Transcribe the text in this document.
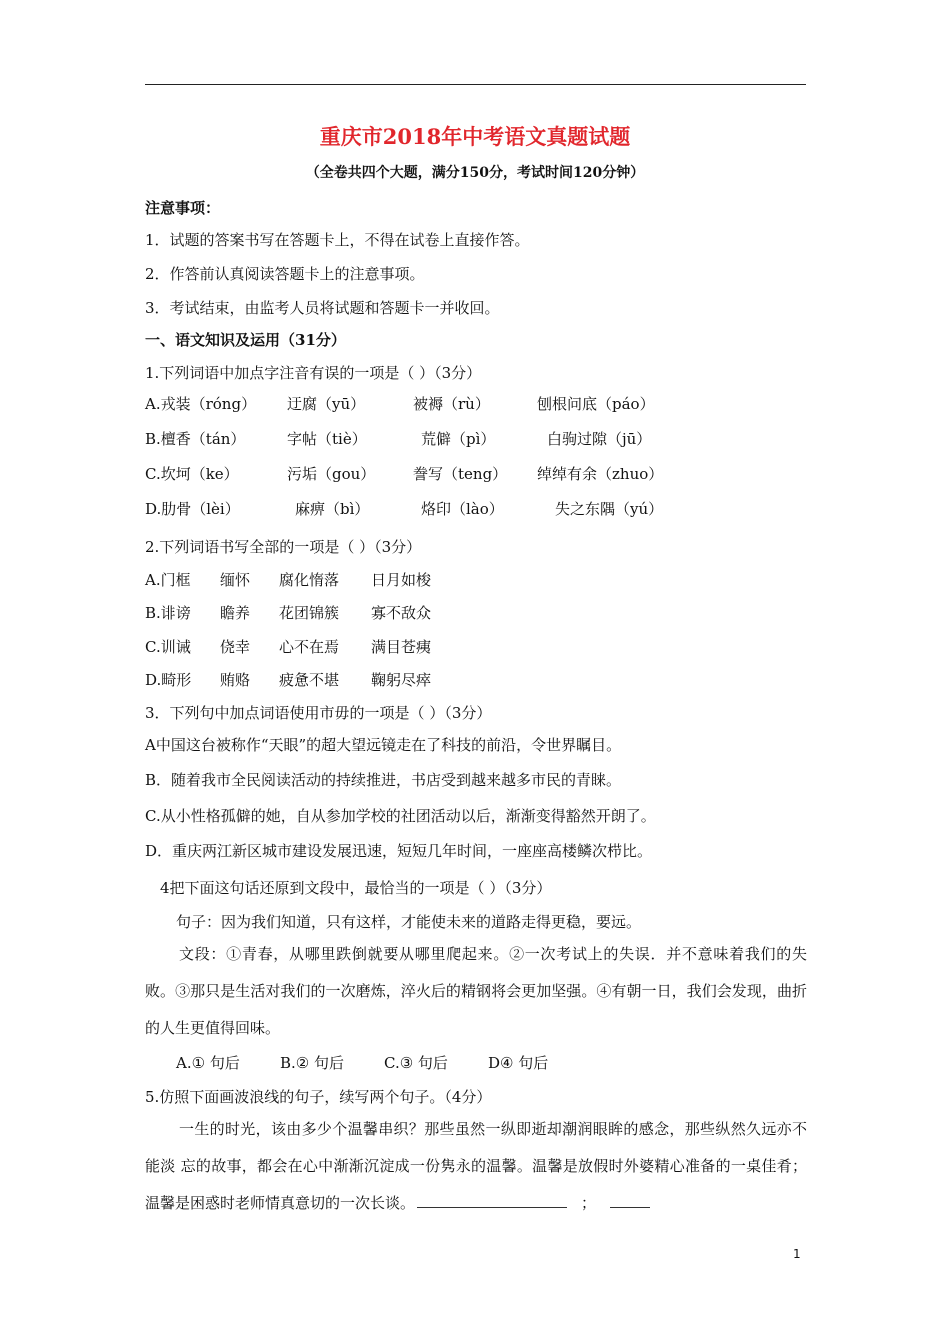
重庆市2018年中考语文真题试题
（全卷共四个大题，满分150分，考试时间120分钟）
注意事项：
1．试题的答案书写在答题卡上，不得在试卷上直接作答。
2．作答前认真阅读答题卡上的注意事项。
3．考试结束，由监考人员将试题和答题卡一并收回。
一、语文知识及运用（31分）
1.下列词语中加点字注音有误的一项是（ ）（3分）
A.戎装（róng） 迂腐（yū）	被褥（rù）	刨根问底（páo）
B.檀香（tán）	字帖（tiè）	荒僻（pì）	白驹过隙（jū）
C.坎坷（ke）	污垢（gou）	誊写（teng） 绰绰有余（zhuo）
D.肋骨（lèi）	麻痹（bì）	烙印（lào）	失之东隅（yú）
2.下列词语书写全部的一项是（ ）（3分）
A.门框 缅怀 腐化惰落 日月如梭
B.诽谤 瞻养 花团锦簇 寡不敌众
C.训诫 侥幸 心不在焉 满目苍痍
D.畸形 贿赂 疲惫不堪 鞠躬尽瘁
3．下列句中加点词语使用市毋的一项是（ ）（3分）
A中国这台被称作“天眼”的超大望远镜走在了科技的前沿，令世界瞩目。
B．随着我市全民阅读活动的持续推进，书店受到越来越多市民的青睐。
C.从小性格孤僻的她，自从参加学校的社团活动以后，渐渐变得豁然开朗了。
D．重庆两江新区城市建设发展迅速，短短几年时间，一座座高楼鳞次栉比。
4把下面这句话还原到文段中，最恰当的一项是（ ）（3分）
句子：因为我们知道，只有这样，才能使未来的道路走得更稳，要远。
文段：①青春，从哪里跌倒就要从哪里爬起来。②一次考试上的失误．并不意味着我们的失败。③那只是生活对我们的一次磨炼，淬火后的精钢将会更加坚强。④有朝一日，我们会发现，曲折的人生更值得回味。
A.① 句后	B.② 句后	C.③ 句后	D④ 句后
5.仿照下面画波浪线的句子，续写两个句子。（4分）
一生的时光，该由多少个温馨串织？那些虽然一纵即逝却潮润眼眸的感念，那些纵然久远亦不能淡 忘的故事，都会在心中渐渐沉淀成一份隽永的温馨。温馨是放假时外婆精心准备的一桌佳肴；温馨是困惑时老师情真意切的一次长谈。	；
1
